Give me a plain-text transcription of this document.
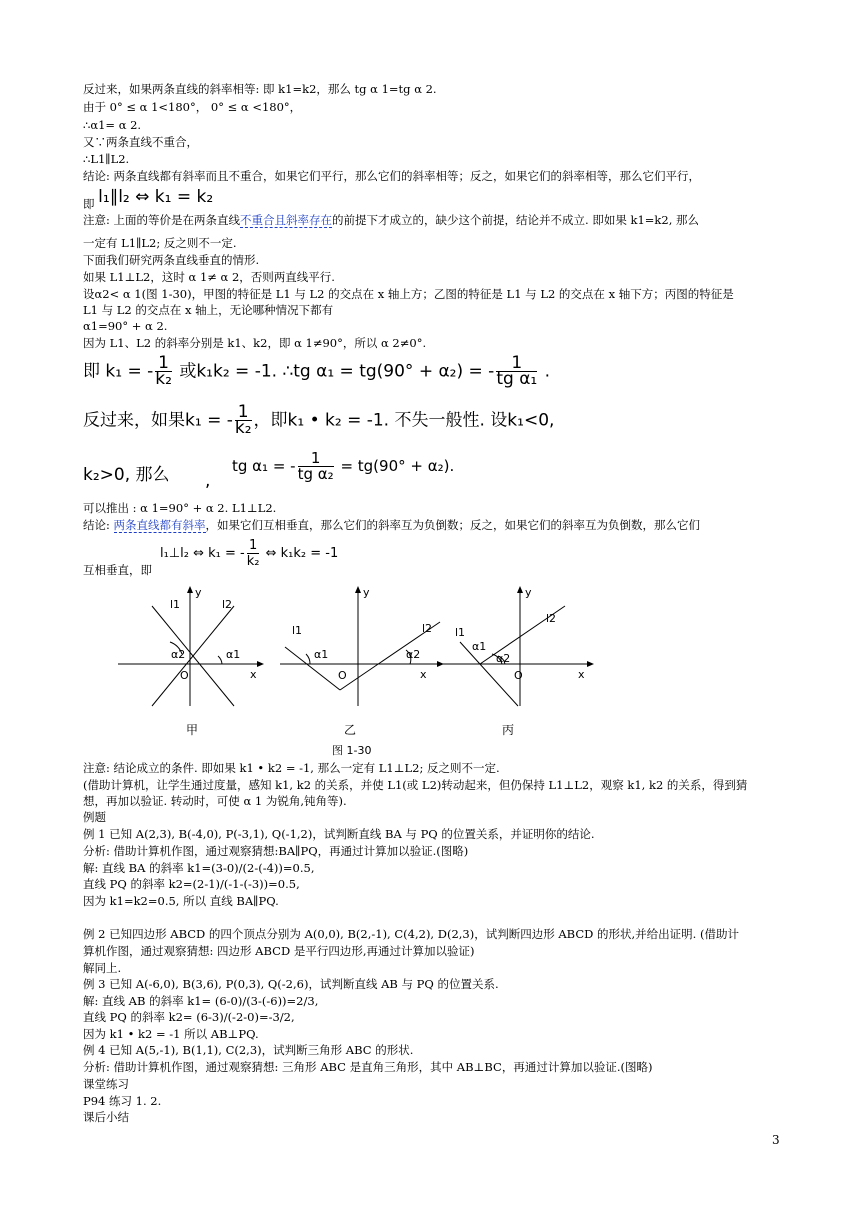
反过来，如果两条直线的斜率相等: 即 k1=k2，那么 tg α 1=tg α 2.
由于 0° ≤ α 1<180°， 0° ≤ α <180°，
∴α1= α 2.
又∵两条直线不重合，
∴L1∥L2.
结论: 两条直线都有斜率而且不重合，如果它们平行，那么它们的斜率相等；反之，如果它们的斜率相等，那么它们平行，
即 l₁∥l₂ ⇔ k₁ = k₂
注意: 上面的等价是在两条直线不重合且斜率存在的前提下才成立的，缺少这个前提，结论并不成立. 即如果 k1=k2, 那么
一定有 L1∥L2; 反之则不一定.
下面我们研究两条直线垂直的情形.
如果 L1⊥L2，这时 α 1≠ α 2，否则两直线平行.
设α2< α 1(图 1-30)，甲图的特征是 L1 与 L2 的交点在 x 轴上方；乙图的特征是 L1 与 L2 的交点在 x 轴下方；丙图的特征是
L1 与 L2 的交点在 x 轴上，无论哪种情况下都有
α1=90° + α 2.
因为 L1、L2 的斜率分别是 k1、k2，即 α 1≠90°，所以 α 2≠0°.
即 k₁ = - $\frac{1}{\text{k₂}}$ 或k₁k₂ = -1. ∴tg α₁ = tg(90° + α₂) = - $\frac{1}{\text{tg α₁}}$ .
反过来，如果k₁ = - $\frac{1}{\text{k₂}}$ ，即k₁ • k₂ = -1. 不失一般性. 设k₁<0,
k₂>0, 那么 ,
tg α₁ = - $\frac{1}{\text{tg α₂}} = tg(90^\circ + \alpha_2)$.
可以推出 : α 1=90° + α 2. L1⊥L2.
结论: 两条直线都有斜率，如果它们互相垂直，那么它们的斜率互为负倒数；反之，如果它们的斜率互为负倒数，那么它们
l₁⊥l₂ ⇔ k₁ = - $\frac{1}{\text{k₂}}$ ⇔ k₁k₂ = -1
互相垂直，即
l1	l2
y
x
O
α2	α1
甲
l1	l2
y
x
O
α1	α2
乙
l1
l2
y
x
O
α1
α2
丙
图 1-30
注意: 结论成立的条件. 即如果 k1 • k2 = -1, 那么一定有 L1⊥L2; 反之则不一定.
(借助计算机，让学生通过度量，感知 k1, k2 的关系，并使 L1(或 L2)转动起来，但仍保持 L1⊥L2，观察 k1, k2 的关系，得到猜
想，再加以验证. 转动时，可使 α 1 为锐角,钝角等).
例题
例 1 已知 A(2,3), B(-4,0), P(-3,1), Q(-1,2)，试判断直线 BA 与 PQ 的位置关系，并证明你的结论.
分析: 借助计算机作图，通过观察猜想:BA∥PQ，再通过计算加以验证.(图略)
解: 直线 BA 的斜率 k1=(3-0)/(2-(-4))=0.5,
直线 PQ 的斜率 k2=(2-1)/(-1-(-3))=0.5,
因为 k1=k2=0.5, 所以 直线 BA∥PQ.
例 2 已知四边形 ABCD 的四个顶点分别为 A(0,0), B(2,-1), C(4,2), D(2,3)，试判断四边形 ABCD 的形状,并给出证明. (借助计
算机作图，通过观察猜想: 四边形 ABCD 是平行四边形,再通过计算加以验证)
解同上.
例 3 已知 A(-6,0), B(3,6), P(0,3), Q(-2,6)，试判断直线 AB 与 PQ 的位置关系.
解: 直线 AB 的斜率 k1= (6-0)/(3-(-6))=2/3,
直线 PQ 的斜率 k2= (6-3)/(-2-0)=-3/2,
因为 k1 • k2 = -1 所以 AB⊥PQ.
例 4 已知 A(5,-1), B(1,1), C(2,3)，试判断三角形 ABC 的形状.
分析: 借助计算机作图，通过观察猜想: 三角形 ABC 是直角三角形，其中 AB⊥BC，再通过计算加以验证.(图略)
课堂练习
P94 练习 1. 2.
课后小结
3
